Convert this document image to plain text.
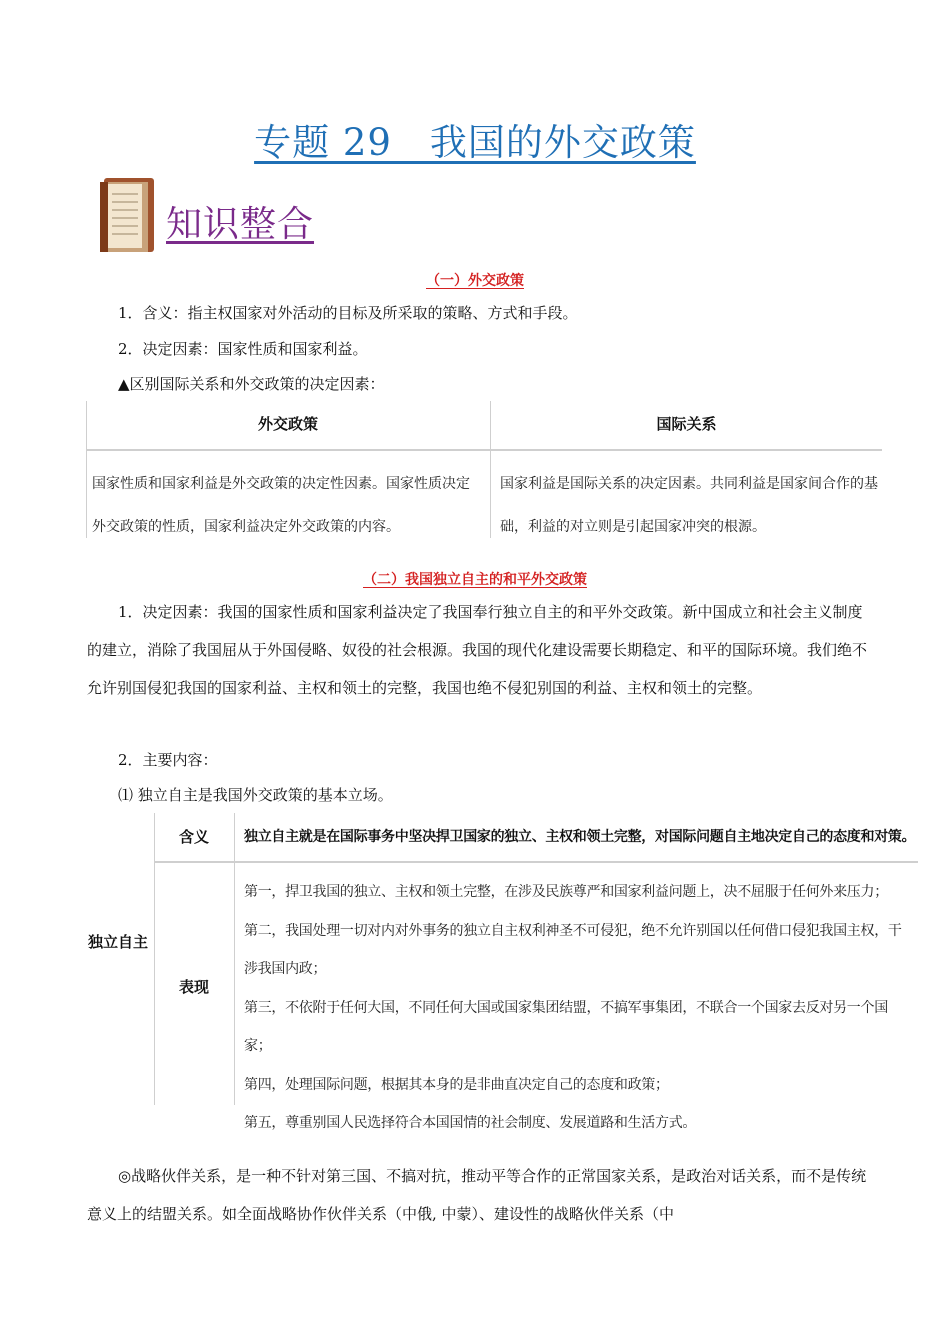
专题 29　我国的外交政策
知识整合
（一）外交政策
1．含义：指主权国家对外活动的目标及所采取的策略、方式和手段。
2．决定因素：国家性质和国家利益。
▲区别国际关系和外交政策的决定因素：
外交政策	国际关系
国家性质和国家利益是外交政策的决定性因素。国家性质决定外交政策的性质，国家利益决定外交政策的内容。
国家利益是国际关系的决定因素。共同利益是国家间合作的基础，利益的对立则是引起国家冲突的根源。
（二）我国独立自主的和平外交政策
1．决定因素：我国的国家性质和国家利益决定了我国奉行独立自主的和平外交政策。新中国成立和社会主义制度的建立，消除了我国屈从于外国侵略、奴役的社会根源。我国的现代化建设需要长期稳定、和平的国际环境。我们绝不允许别国侵犯我国的国家利益、主权和领土的完整，我国也绝不侵犯别国的利益、主权和领土的完整。
2．主要内容：
⑴ 独立自主是我国外交政策的基本立场。
独立自主
含义	独立自主就是在国际事务中坚决捍卫国家的独立、主权和领土完整，对国际问题自主地决定自己的态度和对策。
表现
第一，捍卫我国的独立、主权和领土完整，在涉及民族尊严和国家利益问题上，决不屈服于任何外来压力；
第二，我国处理一切对内对外事务的独立自主权利神圣不可侵犯，绝不允许别国以任何借口侵犯我国主权，干涉我国内政；
第三，不依附于任何大国，不同任何大国或国家集团结盟，不搞军事集团，不联合一个国家去反对另一个国家；
第四，处理国际问题，根据其本身的是非曲直决定自己的态度和政策；
第五，尊重别国人民选择符合本国国情的社会制度、发展道路和生活方式。
◎战略伙伴关系，是一种不针对第三国、不搞对抗，推动平等合作的正常国家关系，是政治对话关系，而不是传统意义上的结盟关系。如全面战略协作伙伴关系（中俄, 中蒙）、建设性的战略伙伴关系（中
